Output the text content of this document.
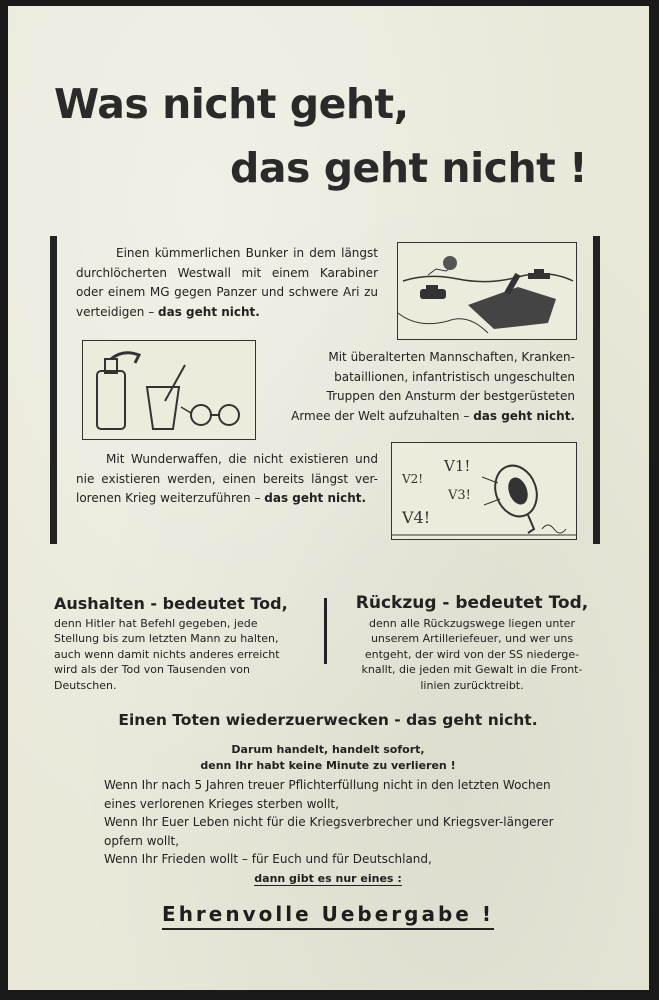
Was nicht geht,
das geht nicht !
Einen kümmerlichen Bunker in dem längst durchlöcherten Westwall mit einem Karabiner oder einem MG gegen Panzer und schwere Ari zu verteidigen – das geht nicht.
Mit überalterten Mannschaften, Kranken-bataillionen, infantristisch ungeschulten Truppen den Ansturm der bestgerüsteten Armee der Welt aufzuhalten – das geht nicht.
Mit Wunderwaffen, die nicht existieren und nie existieren werden, einen bereits längst ver-lorenen Krieg weiterzuführen – das geht nicht.
V1!
V2!
V3!
V4!
Aushalten - bedeutet Tod,
denn Hitler hat Befehl gegeben, jede Stellung bis zum letzten Mann zu halten, auch wenn damit nichts anderes erreicht wird als der Tod von Tausenden von Deutschen.
Rückzug - bedeutet Tod,
denn alle Rückzugswege liegen unter unserem Artilleriefeuer, und wer uns entgeht, der wird von der SS niederge-knallt, die jeden mit Gewalt in die Front-linien zurücktreibt.
Einen Toten wiederzuerwecken - das geht nicht.
Darum handelt, handelt sofort,
denn Ihr habt keine Minute zu verlieren !
Wenn Ihr nach 5 Jahren treuer Pflichterfüllung nicht in den letzten Wochen eines verlorenen Krieges sterben wollt,
Wenn Ihr Euer Leben nicht für die Kriegsverbrecher und Kriegsver-längerer opfern wollt,
Wenn Ihr Frieden wollt – für Euch und für Deutschland,
dann gibt es nur eines :
Ehrenvolle Uebergabe !
